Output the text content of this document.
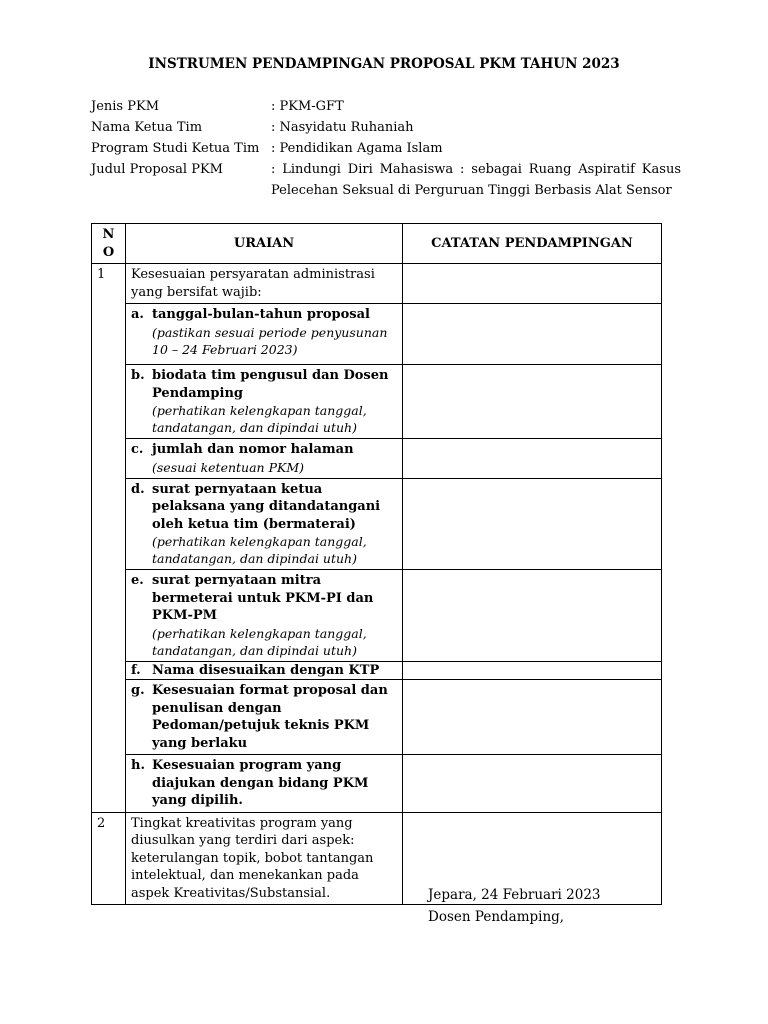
INSTRUMEN PENDAMPINGAN PROPOSAL PKM TAHUN 2023
Jenis PKM	: PKM-GFT
Nama Ketua Tim	: Nasyidatu Ruhaniah
Program Studi Ketua Tim : Pendidikan Agama Islam
Judul Proposal PKM	: Lindungi Diri Mahasiswa : sebagai Ruang Aspiratif Kasus Pelecehan Seksual di Perguruan Tinggi Berbasis Alat Sensor
N
O	URAIAN	CATATAN PENDAMPINGAN
1	Kesesuaian persyaratan administrasi yang bersifat wajib:	

	a. tanggal-bulan-tahun proposal
(pastikan sesuai periode penyusunan 10 – 24 Februari 2023)	

	b. biodata tim pengusul dan Dosen Pendamping
(perhatikan kelengkapan tanggal, tandatangan, dan dipindai utuh)	

	c. jumlah dan nomor halaman
(sesuai ketentuan PKM)	

	d. surat pernyataan ketua pelaksana yang ditandatangani oleh ketua tim (bermaterai)
(perhatikan kelengkapan tanggal, tandatangan, dan dipindai utuh)	

	e. surat pernyataan mitra bermeterai untuk PKM-PI dan PKM-PM
(perhatikan kelengkapan tanggal, tandatangan, dan dipindai utuh)	

	f. Nama disesuaikan dengan KTP	

	g. Kesesuaian format proposal dan penulisan dengan Pedoman/petujuk teknis PKM yang berlaku	

	h. Kesesuaian program yang diajukan dengan bidang PKM yang dipilih.	

2	Tingkat kreativitas program yang diusulkan yang terdiri dari aspek: keterulangan topik, bobot tantangan intelektual, dan menekankan pada aspek Kreativitas/Substansial.		Jepara, 24 Februari 2023
Dosen Pendamping,
